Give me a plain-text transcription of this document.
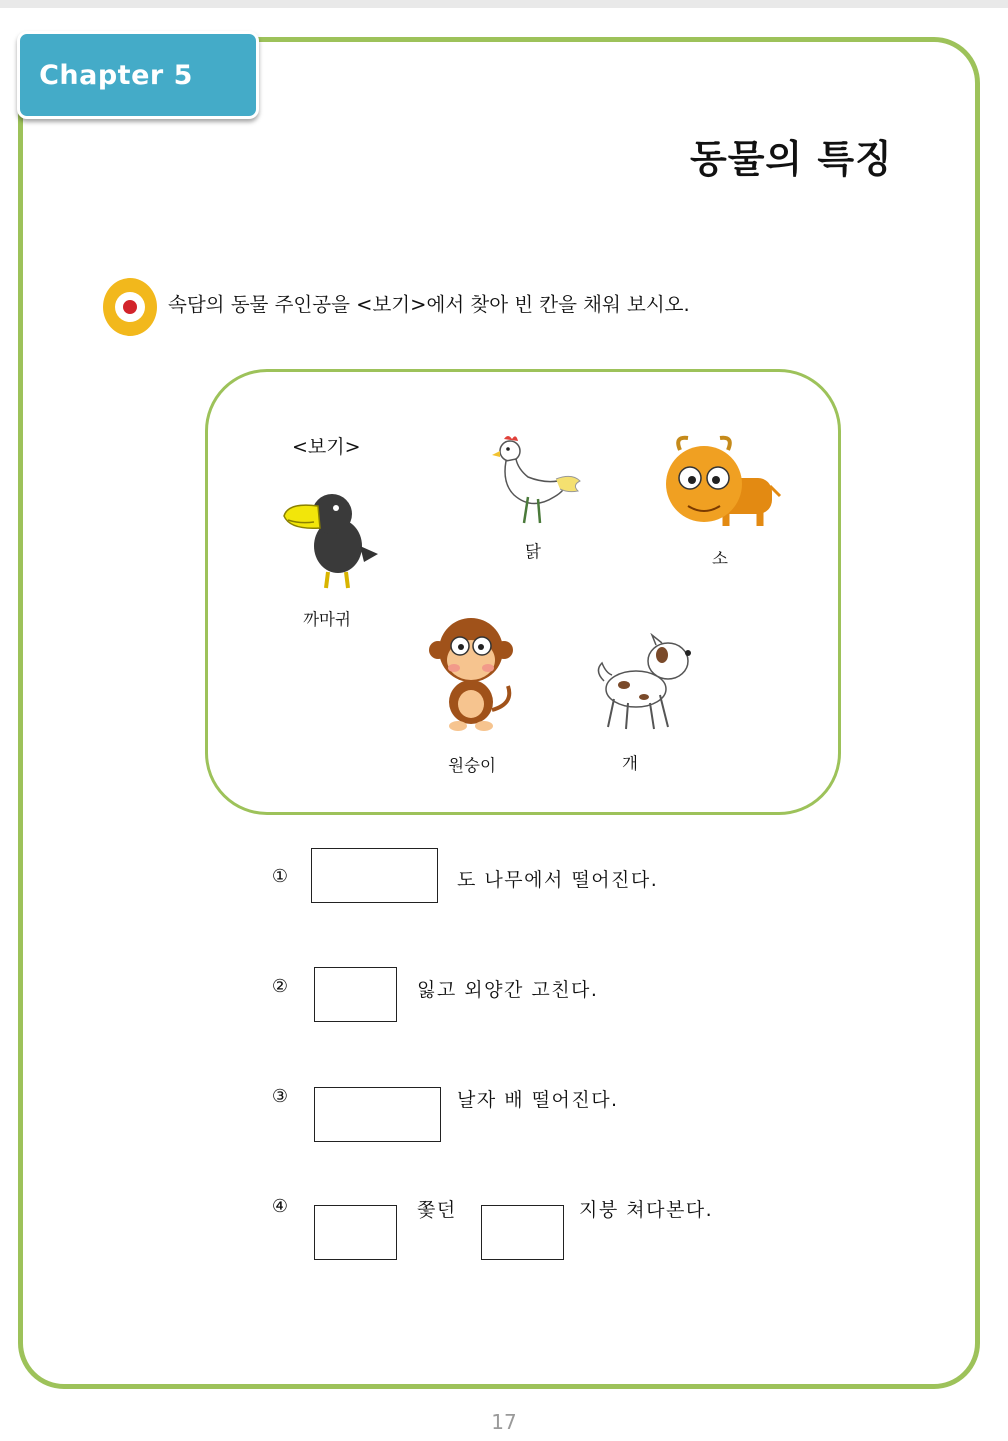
Chapter 5
동물의 특징
속담의 동물 주인공을 <보기>에서 찾아 빈 칸을 채워 보시오.
<보기>
까마귀
닭	소
원숭이	개
①	도 나무에서 떨어진다.
②	잃고 외양간 고친다.
③	날자 배 떨어진다.
④	쫓던	지붕 쳐다본다.
17
